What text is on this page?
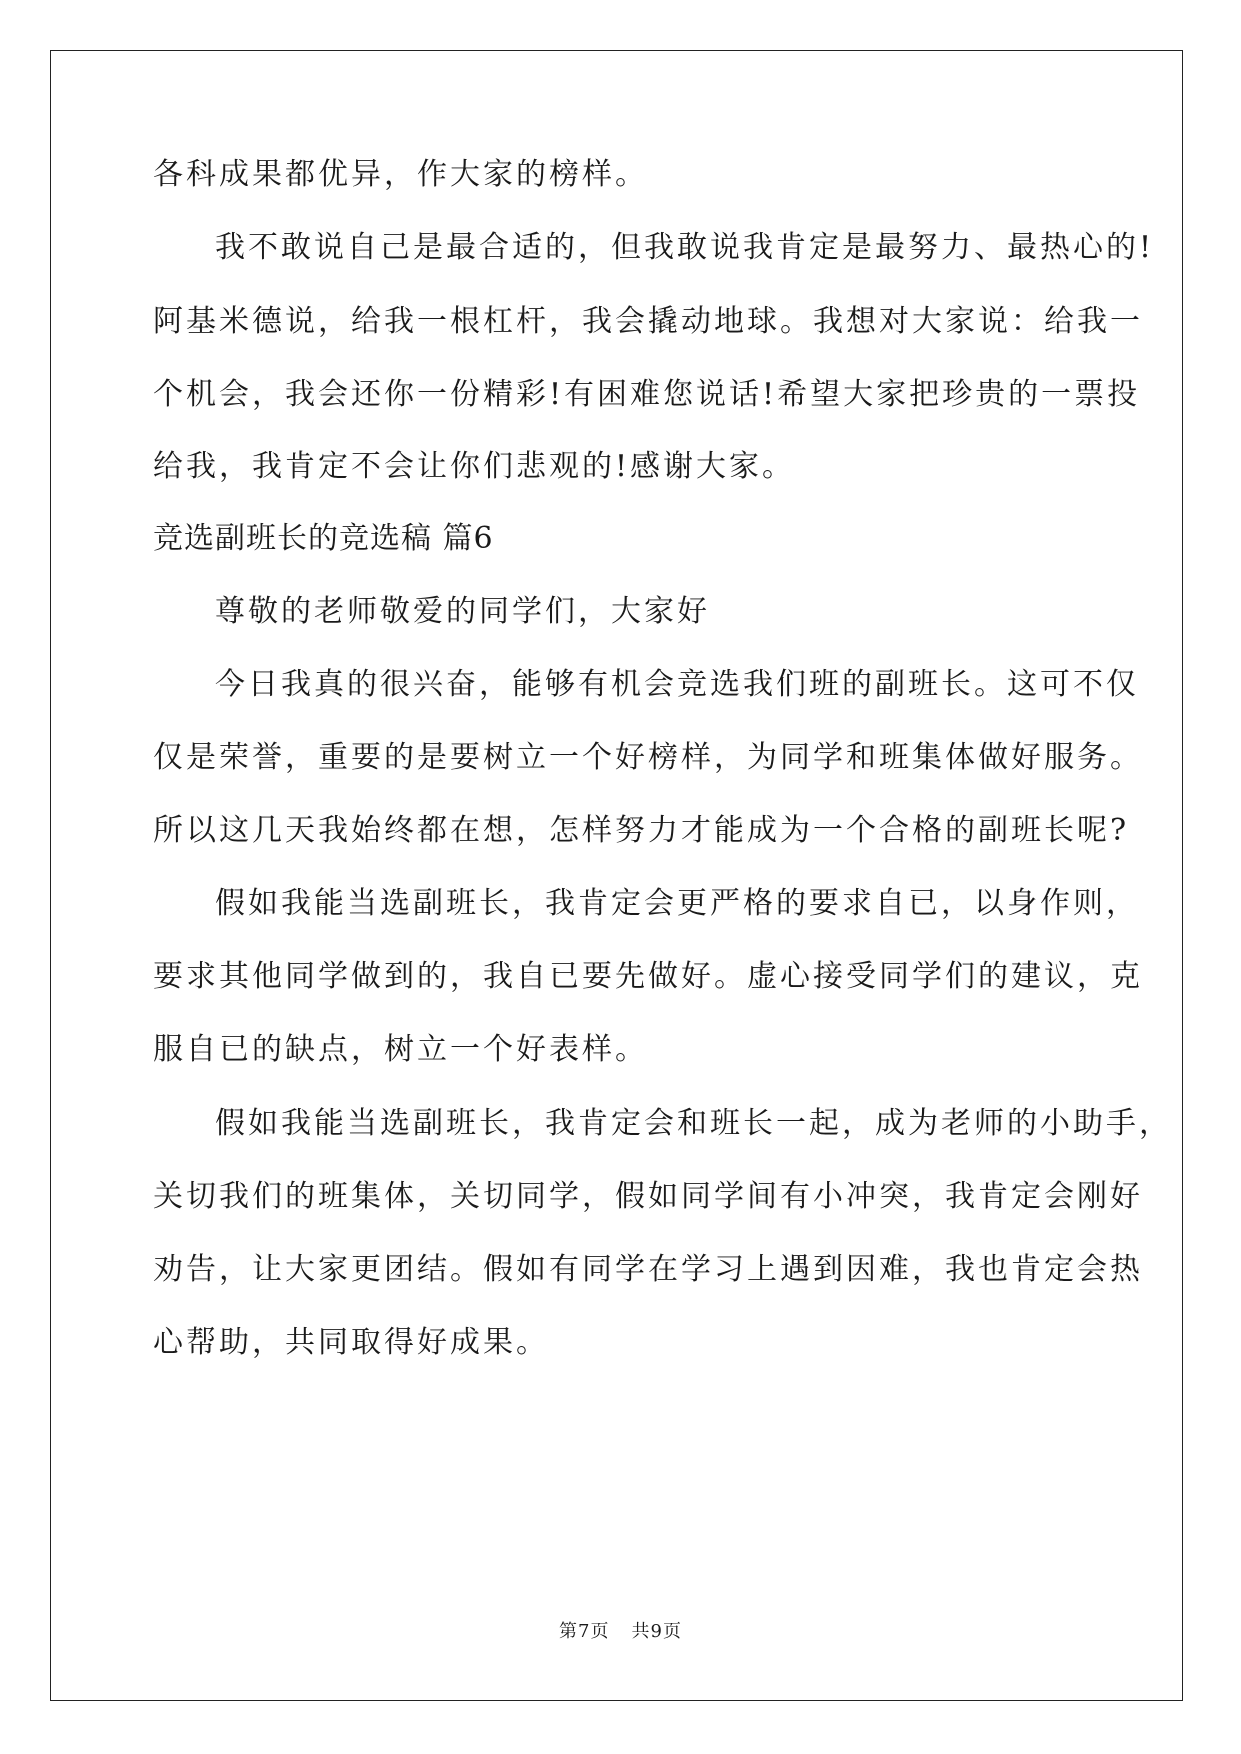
各科成果都优异，作大家的榜样。
我不敢说自己是最合适的，但我敢说我肯定是最努力、最热心的!
阿基米德说，给我一根杠杆，我会撬动地球。我想对大家说：给我一
个机会，我会还你一份精彩!有困难您说话!希望大家把珍贵的一票投
给我，我肯定不会让你们悲观的!感谢大家。
竞选副班长的竞选稿 篇6
尊敬的老师敬爱的同学们，大家好
今日我真的很兴奋，能够有机会竞选我们班的副班长。这可不仅
仅是荣誉，重要的是要树立一个好榜样，为同学和班集体做好服务。
所以这几天我始终都在想，怎样努力才能成为一个合格的副班长呢?
假如我能当选副班长，我肯定会更严格的要求自已，以身作则，
要求其他同学做到的，我自已要先做好。虚心接受同学们的建议，克
服自已的缺点，树立一个好表样。
假如我能当选副班长，我肯定会和班长一起，成为老师的小助手，
关切我们的班集体，关切同学，假如同学间有小冲突，我肯定会刚好
劝告，让大家更团结。假如有同学在学习上遇到因难，我也肯定会热
心帮助，共同取得好成果。
第7页 共9页
